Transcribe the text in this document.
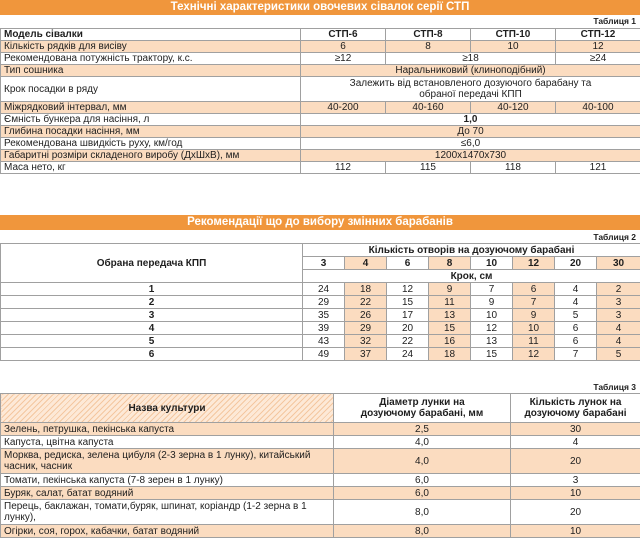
Технічні характеристики овочевих сівалок серії СТП
Таблиця 1
Модель сівалки	СТП-6	СТП-8	СТП-10	СТП-12
Кількість рядків для висіву	6	8	10	12
Рекомендована потужність трактору, к.с.	≥12	≥18		≥24
Тип сошника	Наральниковий (клиноподібний)			
Крок посадки в ряду	Залежить від встановленого дозуючого барабану та обраної передачі КПП			
Міжрядковий інтервал, мм	40-200	40-160	40-120	40-100
Ємність бункера для насіння, л	1,0			
Глибина посадки насіння, мм	До 70			
Рекомендована швидкість руху, км/год	≤6,0			
Габаритні розміри складеного виробу (ДхШхВ), мм	1200х1470х730			
Маса нето, кг	112	115	118	121
Рекомендації що до вибору змінних барабанів
Таблиця 2
Обрана передача КПП	Кількість отворів на дозуючому барабані							
	3	4	6	8	10	12	20	30
	Крок, см							
1	24	18	12	9	7	6	4	2
2	29	22	15	11	9	7	4	3
3	35	26	17	13	10	9	5	3
4	39	29	20	15	12	10	6	4
5	43	32	22	16	13	11	6	4
6	49	37	24	18	15	12	7	5
Таблиця 3
Назва культури	Діаметр лунки на дозуючому барабані, мм	Кількість лунок на дозуючому барабані
Зелень, петрушка, пекінська капуста	2,5	30
Капуста, цвітна капуста	4,0	4
Морква, редиска, зелена цибуля (2-3 зерна в 1 лунку), китайський часник, часник	4,0	20
Томати, пекінська капуста (7-8 зерен в 1 лунку)	6,0	3
Буряк, салат, батат водяний	6,0	10
Перець, баклажан, томати,буряк, шпинат, коріандр (1-2 зерна в 1 лунку),	8,0	20
Огірки, соя, горох, кабачки, батат водяний	8,0	10
